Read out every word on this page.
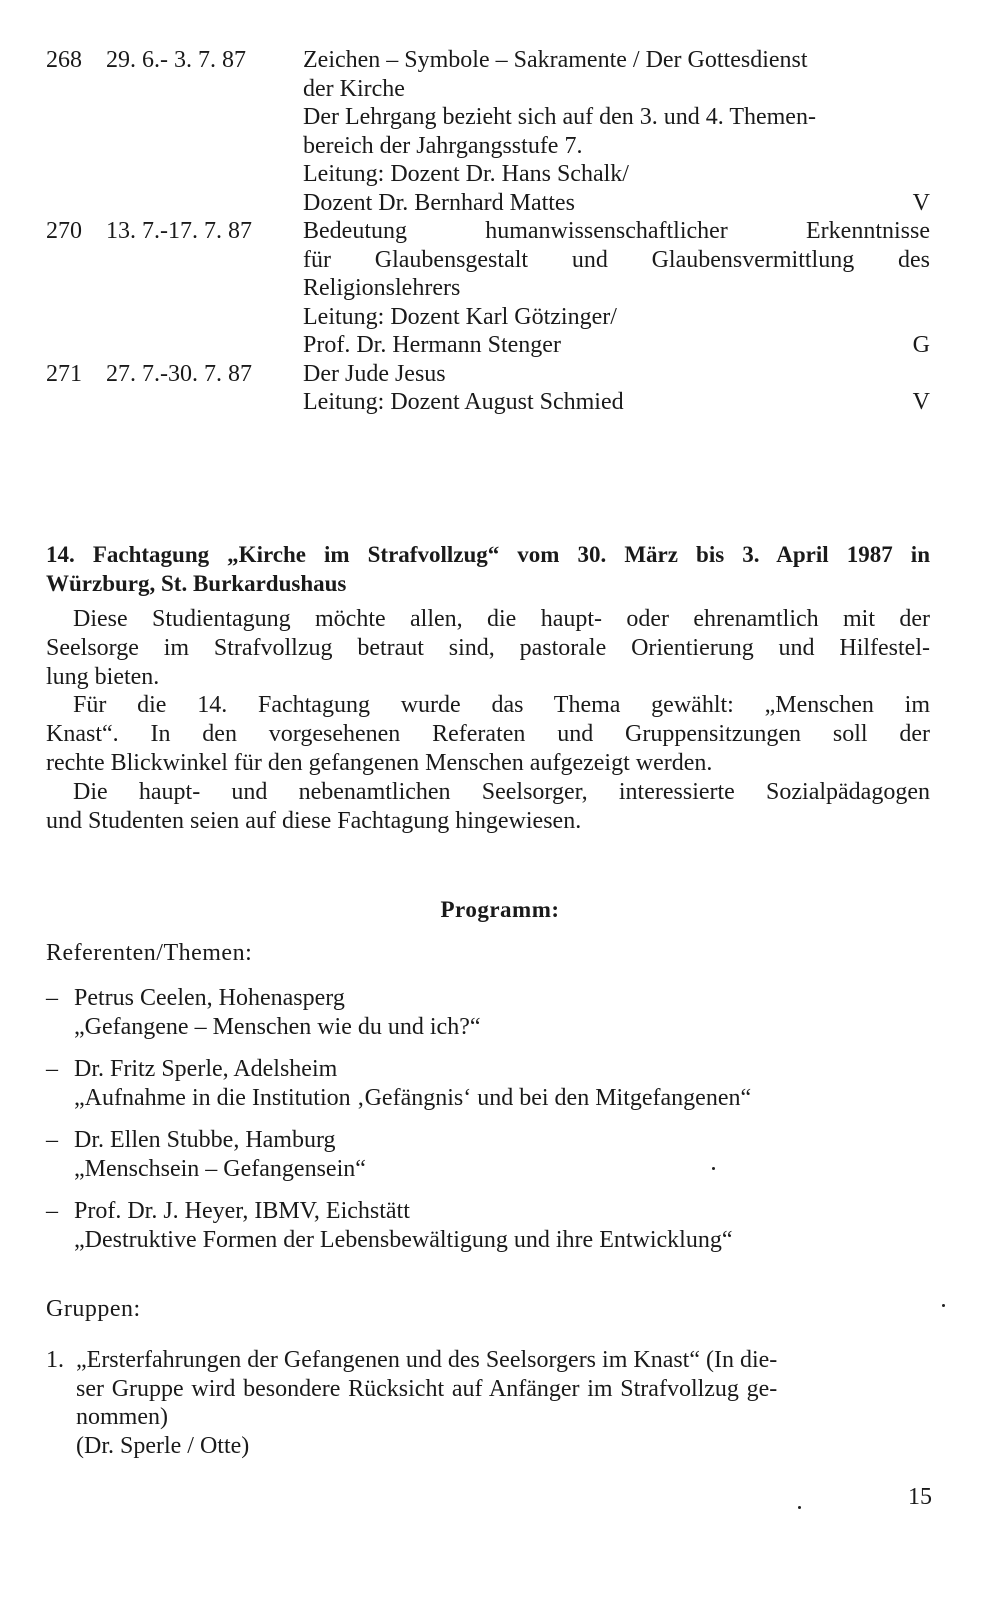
268	29. 6.- 3. 7. 87	Zeichen – Symbole – Sakramente / Der Gottesdienst
der Kirche
Der Lehrgang bezieht sich auf den 3. und 4. Themen-
bereich der Jahrgangsstufe 7.
Leitung: Dozent Dr. Hans Schalk/
Dozent Dr. Bernhard Mattes	V
270	13. 7.-17. 7. 87	Bedeutung humanwissenschaftlicher Erkenntnisse
für Glaubensgestalt und Glaubensvermittlung des
Religionslehrers
Leitung: Dozent Karl Götzinger/
Prof. Dr. Hermann Stenger	G
271	27. 7.-30. 7. 87	Der Jude Jesus
Leitung: Dozent August Schmied	V
14. Fachtagung „Kirche im Strafvollzug“ vom 30. März bis 3. April 1987 in
Würzburg, St. Burkardushaus

Diese Studientagung möchte allen, die haupt- oder ehrenamtlich mit der
Seelsorge im Strafvollzug betraut sind, pastorale Orientierung und Hilfestel-
lung bieten.

Für die 14. Fachtagung wurde das Thema gewählt: „Menschen im
Knast“. In den vorgesehenen Referaten und Gruppensitzungen soll der
rechte Blickwinkel für den gefangenen Menschen aufgezeigt werden.

Die haupt- und nebenamtlichen Seelsorger, interessierte Sozialpädagogen
und Studenten seien auf diese Fachtagung hingewiesen.

Programm:
Referenten/Themen:
– Petrus Ceelen, Hohenasperg
„Gefangene – Menschen wie du und ich?“
– Dr. Fritz Sperle, Adelsheim
„Aufnahme in die Institution ‚Gefängnis‘ und bei den Mitgefangenen“
– Dr. Ellen Stubbe, Hamburg
„Menschsein – Gefangensein“
– Prof. Dr. J. Heyer, IBMV, Eichstätt
„Destruktive Formen der Lebensbewältigung und ihre Entwicklung“
Gruppen:
1. „Ersterfahrungen der Gefangenen und des Seelsorgers im Knast“ (In die-
ser Gruppe wird besondere Rücksicht auf Anfänger im Strafvollzug ge-
nommen)
(Dr. Sperle / Otte)
15
